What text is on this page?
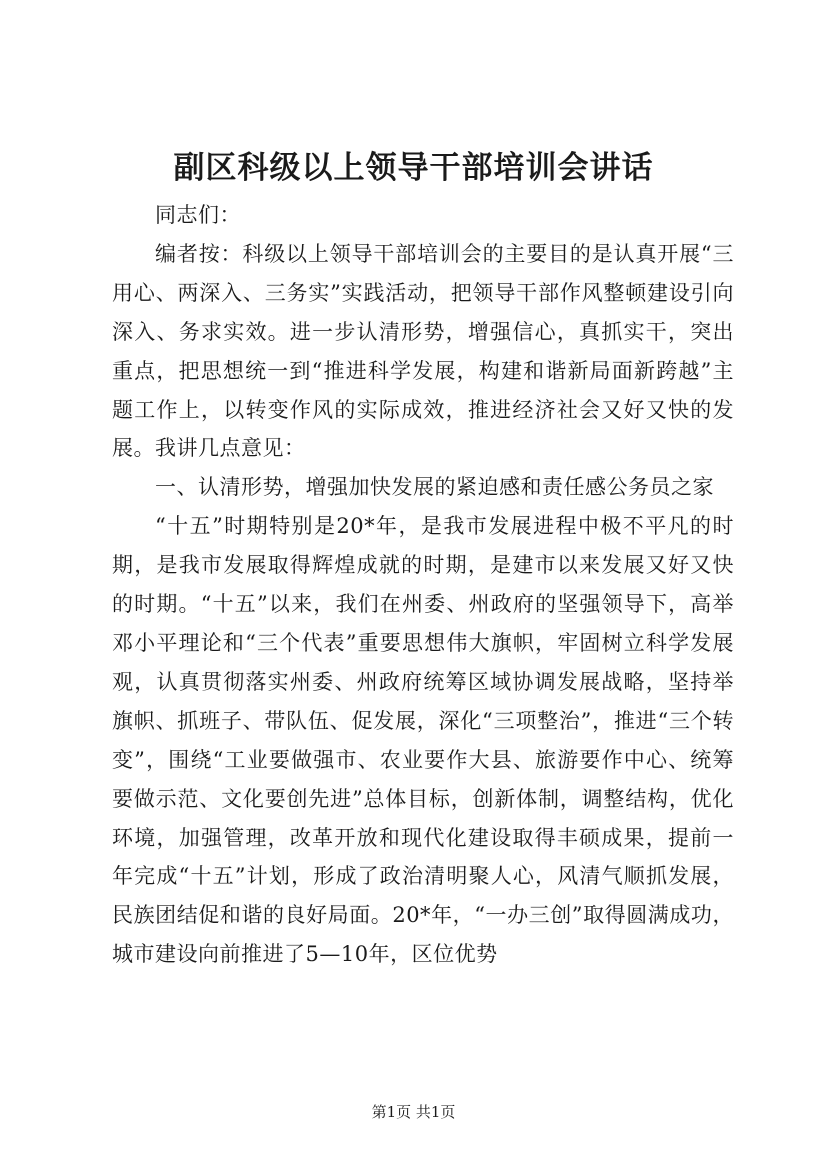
副区科级以上领导干部培训会讲话

同志们：

编者按：科级以上领导干部培训会的主要目的是认真开展“三用心、两深入、三务实”实践活动，把领导干部作风整顿建设引向深入、务求实效。进一步认清形势，增强信心，真抓实干，突出重点，把思想统一到“推进科学发展，构建和谐新局面新跨越”主题工作上，以转变作风的实际成效，推进经济社会又好又快的发展。我讲几点意见：

一、认清形势，增强加快发展的紧迫感和责任感公务员之家

“十五”时期特别是20*年，是我市发展进程中极不平凡的时期，是我市发展取得辉煌成就的时期，是建市以来发展又好又快的时期。“十五”以来，我们在州委、州政府的坚强领导下，高举邓小平理论和“三个代表”重要思想伟大旗帜，牢固树立科学发展观，认真贯彻落实州委、州政府统筹区域协调发展战略，坚持举旗帜、抓班子、带队伍、促发展，深化“三项整治”，推进“三个转变”，围绕“工业要做强市、农业要作大县、旅游要作中心、统筹要做示范、文化要创先进”总体目标，创新体制，调整结构，优化环境，加强管理，改革开放和现代化建设取得丰硕成果，提前一年完成“十五”计划，形成了政治清明聚人心，风清气顺抓发展，民族团结促和谐的良好局面。20*年，“一办三创”取得圆满成功，城市建设向前推进了5—10年，区位优势

第1页 共1页
